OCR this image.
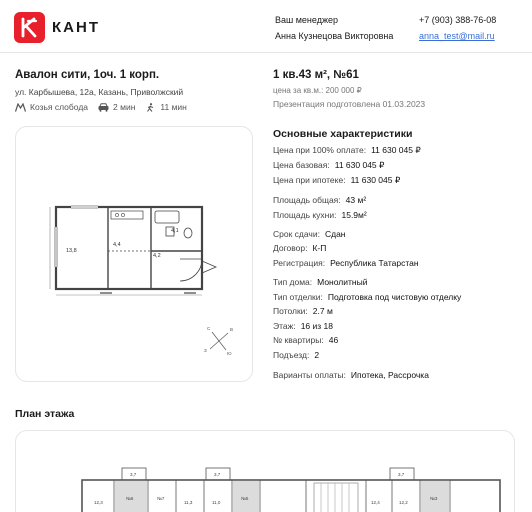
КАНТ	Ваш менеджер
Анна Кузнецова Викторовна
+7 (903) 388-76-08
anna_test@mail.ru
Авалон сити, 1оч. 1 корп.
ул. Карбышева, 12а, Казань, Приволжский
Козья слобода	2 мин	11 мин
1 кв.43 м², №61
цена за кв.м.: 200 000 ₽
Презентация подготовлена 01.03.2023
13,8
4,4
4,1
4,2
С
Ю
З
В
Основные характеристики
Цена при 100% оплате: 11 630 045 ₽
Цена базовая: 11 630 045 ₽
Цена при ипотеке: 11 630 045 ₽
Площадь общая: 43 м²
Площадь кухни: 15.9м²
Срок сдачи: Сдан
Договор: К-П
Регистрация: Республика Татарстан
Тип дома: Монолитный
Тип отделки: Подготовка под чистовую отделку
Потолки: 2.7 м
Этаж: 16 из 18
№ квартиры: 46
Подъезд: 2
Варианты оплаты: Ипотека, Рассрочка
План этажа
3,7	3,7	3,7
12,3
№6	№7
11,3	11,0
№5
12,4	12,2
№3
